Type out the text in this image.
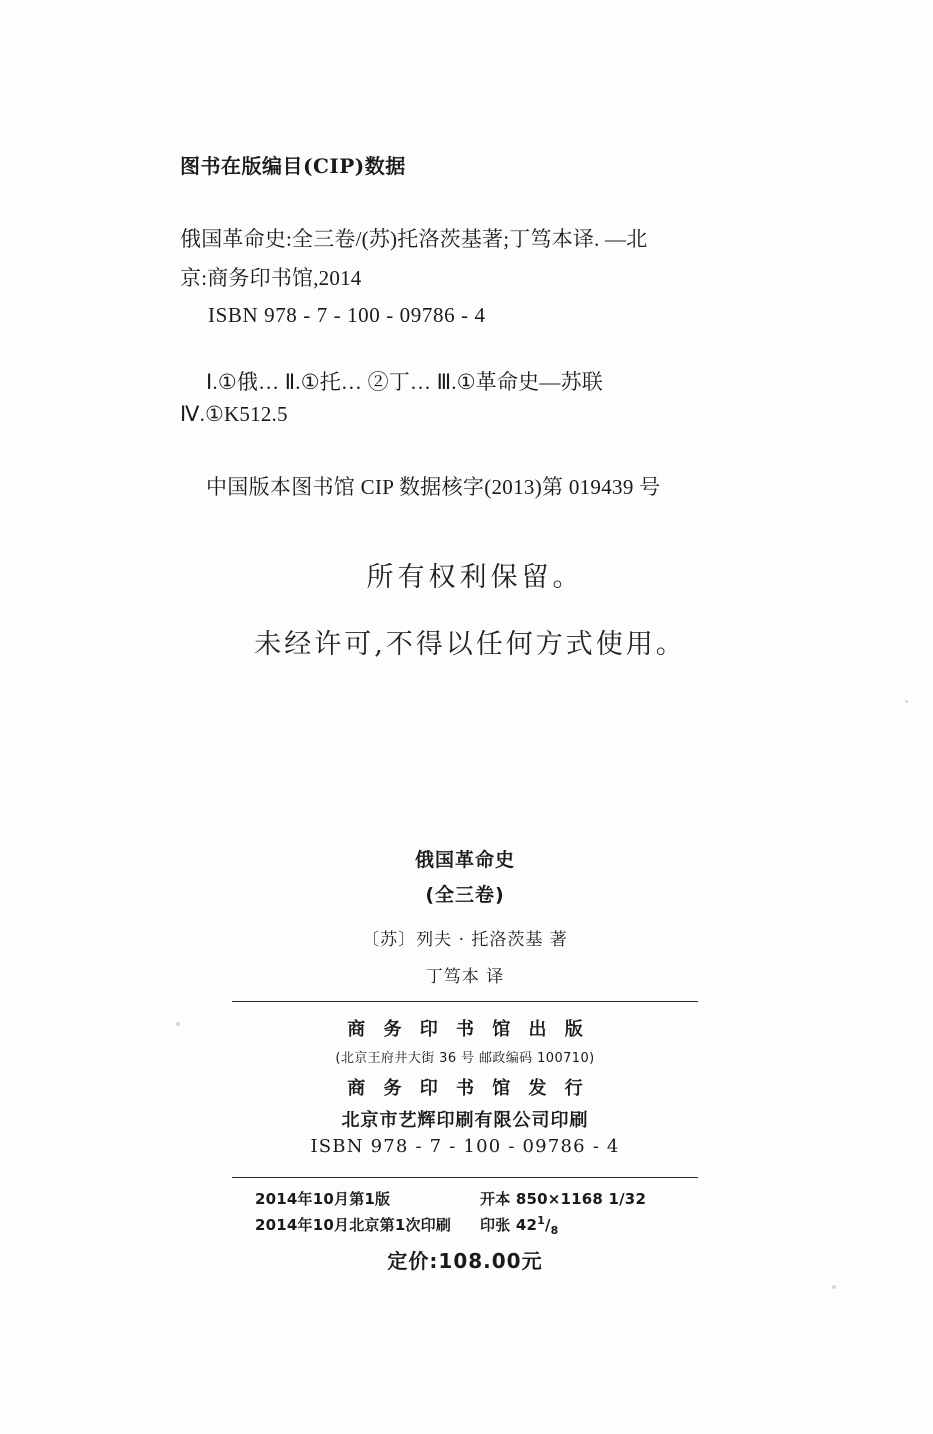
图书在版编目(CIP)数据

俄国革命史:全三卷/(苏)托洛茨基著;丁笃本译. —北

京:商务印书馆,2014

ISBN 978 - 7 - 100 - 09786 - 4

Ⅰ.①俄… Ⅱ.①托… ②丁… Ⅲ.①革命史—苏联

Ⅳ.①K512.5

中国版本图书馆 CIP 数据核字(2013)第 019439 号

所有权利保留。

未经许可,不得以任何方式使用。

俄国革命史

(全三卷)

〔苏〕列夫 · 托洛茨基 著

丁笃本 译

商 务 印 书 馆 出 版

(北京王府井大街 36 号 邮政编码 100710)

商 务 印 书 馆 发 行

北京市艺辉印刷有限公司印刷

ISBN 978 - 7 - 100 - 09786 - 4

2014年10月第1版	开本 850×1168 1/32
2014年10月北京第1次印刷	印张 $42^1/_8$

定价:108.00元
